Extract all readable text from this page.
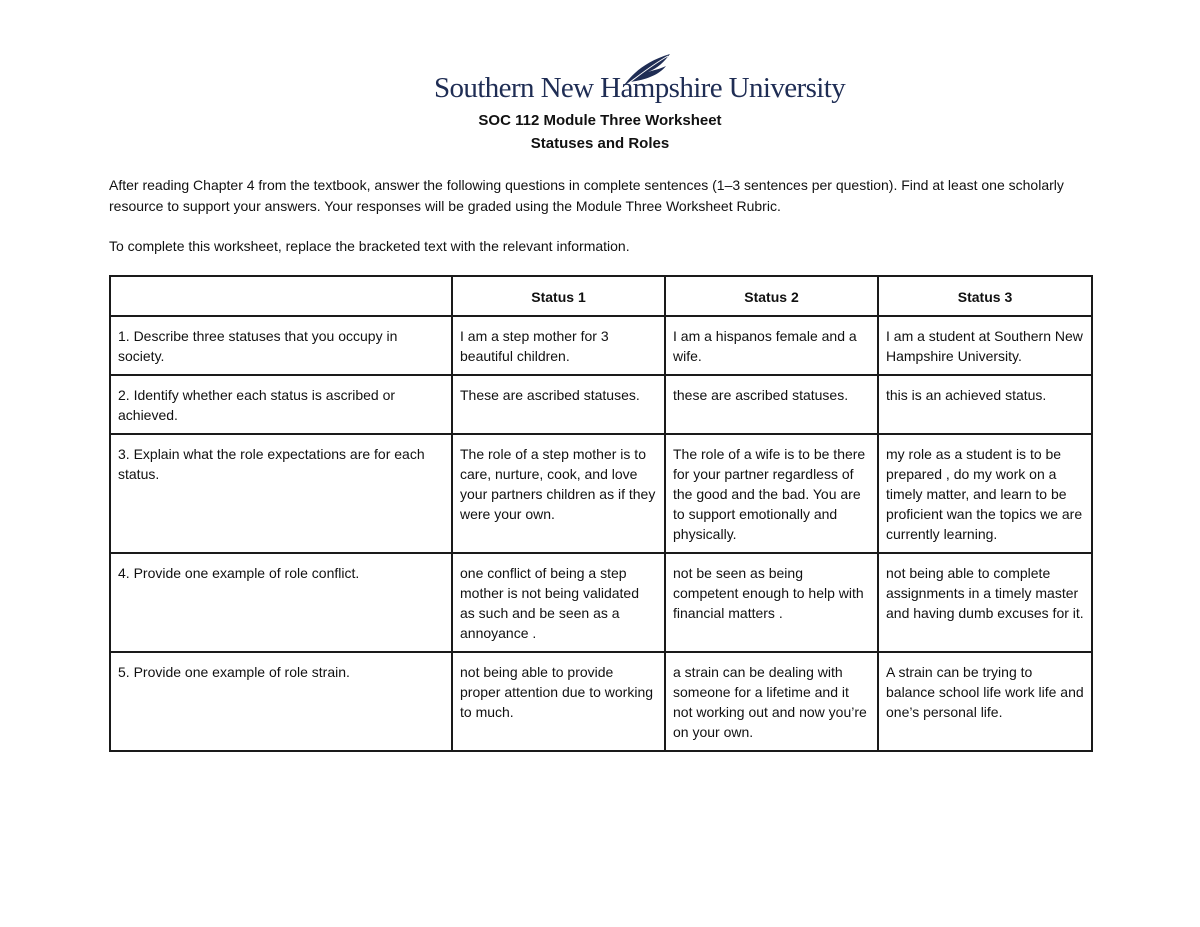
Southern New Hampshire University
SOC 112 Module Three Worksheet
Statuses and Roles

After reading Chapter 4 from the textbook, answer the following questions in complete sentences (1–3 sentences per question). Find at least one scholarly resource to support your answers. Your responses will be graded using the Module Three Worksheet Rubric.

To complete this worksheet, replace the bracketed text with the relevant information.

	Status 1	Status 2	Status 3
1. Describe three statuses that you occupy in society.	I am a step mother for 3 beautiful children.	I am a hispanos female and a wife.	I am a student at Southern New Hampshire University.
2. Identify whether each status is ascribed or achieved.	These are ascribed statuses.	these are ascribed statuses.	this is an achieved status.
3. Explain what the role expectations are for each status.	The role of a step mother is to care, nurture, cook, and love your partners children as if they were your own.	The role of a wife is to be there for your partner regardless of the good and the bad. You are to support emotionally and physically.	my role as a student is to be prepared , do my work on a timely matter, and learn to be proficient wan the topics we are currently learning.
4. Provide one example of role conflict.	one conflict of being a step mother is not being validated as such and be seen as a annoyance .	not be seen as being competent enough to help with financial matters .	not being able to complete assignments in a timely master and having dumb excuses for it.
5. Provide one example of role strain.	not being able to provide proper attention due to working to much.	a strain can be dealing with someone for a lifetime and it not working out and now you’re on your own.	A strain can be trying to balance school life work life and one’s personal life.
